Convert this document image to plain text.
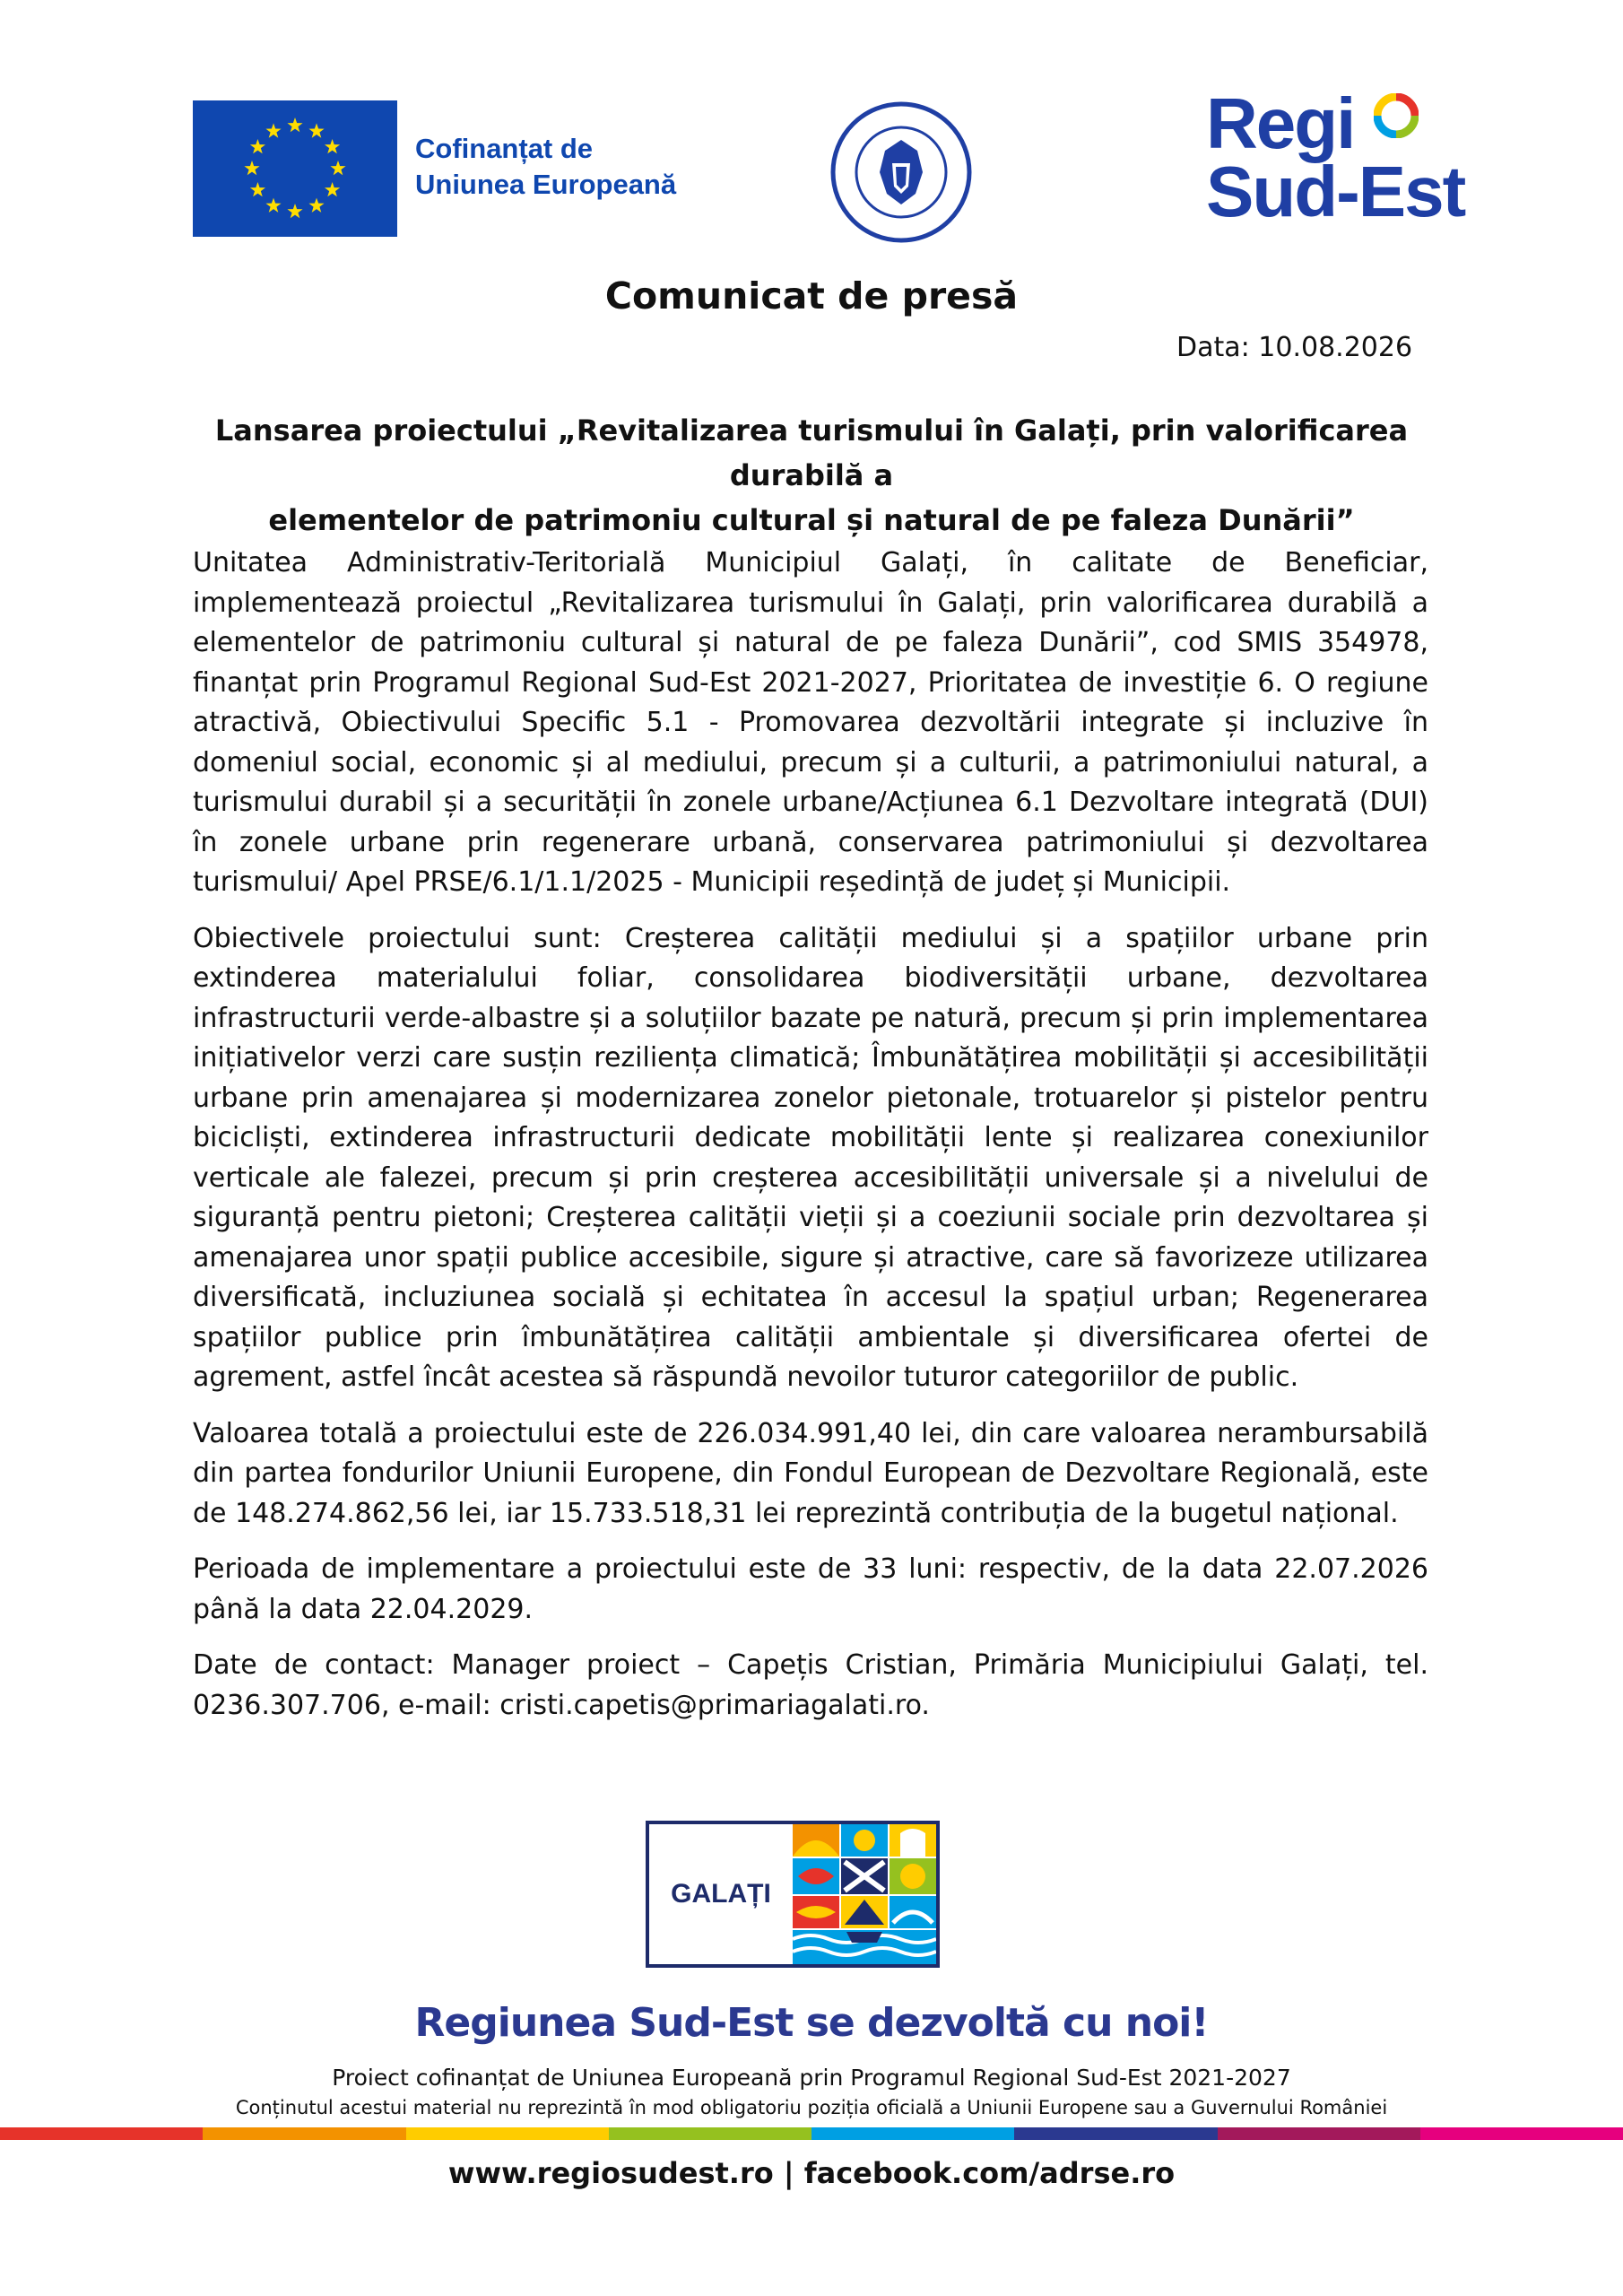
Cofinanțat de
Uniunea Europeană
Regi
Sud-Est
Comunicat de presă
Data: 10.08.2026
Lansarea proiectului „Revitalizarea turismului în Galați, prin valorificarea durabilă a
elementelor de patrimoniu cultural și natural de pe faleza Dunării”

Unitatea Administrativ-Teritorială Municipiul Galați, în calitate de Beneficiar, implementează proiectul „Revitalizarea turismului în Galați, prin valorificarea durabilă a elementelor de patrimoniu cultural și natural de pe faleza Dunării”, cod SMIS 354978, finanțat prin Programul Regional Sud-Est 2021-2027, Prioritatea de investiție 6. O regiune atractivă, Obiectivului Specific 5.1 - Promovarea dezvoltării integrate și incluzive în domeniul social, economic și al mediului, precum și a culturii, a patrimoniului natural, a turismului durabil și a securității în zonele urbane/Acțiunea 6.1 Dezvoltare integrată (DUI) în zonele urbane prin regenerare urbană, conservarea patrimoniului și dezvoltarea turismului/ Apel PRSE/6.1/1.1/2025 - Municipii reședință de județ și Municipii.

Obiectivele proiectului sunt: Creșterea calității mediului și a spațiilor urbane prin extinderea materialului foliar, consolidarea biodiversității urbane, dezvoltarea infrastructurii verde-albastre și a soluțiilor bazate pe natură, precum și prin implementarea inițiativelor verzi care susțin reziliența climatică; Îmbunătățirea mobilității și accesibilității urbane prin amenajarea și modernizarea zonelor pietonale, trotuarelor și pistelor pentru bicicliști, extinderea infrastructurii dedicate mobilității lente și realizarea conexiunilor verticale ale falezei, precum și prin creșterea accesibilității universale și a nivelului de siguranță pentru pietoni; Creșterea calității vieții și a coeziunii sociale prin dezvoltarea și amenajarea unor spații publice accesibile, sigure și atractive, care să favorizeze utilizarea diversificată, incluziunea socială și echitatea în accesul la spațiul urban; Regenerarea spațiilor publice prin îmbunătățirea calității ambientale și diversificarea ofertei de agrement, astfel încât acestea să răspundă nevoilor tuturor categoriilor de public.

Valoarea totală a proiectului este de 226.034.991,40 lei, din care valoarea nerambursabilă din partea fondurilor Uniunii Europene, din Fondul European de Dezvoltare Regională, este de 148.274.862,56 lei, iar 15.733.518,31 lei reprezintă contribuția de la bugetul național.

Perioada de implementare a proiectului este de 33 luni: respectiv, de la data 22.07.2026 până la data 22.04.2029.

Date de contact: Manager proiect – Capețis Cristian, Primăria Municipiului Galați, tel. 0236.307.706, e-mail: cristi.capetis@primariagalati.ro.

GALAȚI
Regiunea Sud-Est se dezvoltă cu noi!
Proiect cofinanțat de Uniunea Europeană prin Programul Regional Sud-Est 2021-2027
Conținutul acestui material nu reprezintă în mod obligatoriu poziția oficială a Uniunii Europene sau a Guvernului României
www.regiosudest.ro | facebook.com/adrse.ro
